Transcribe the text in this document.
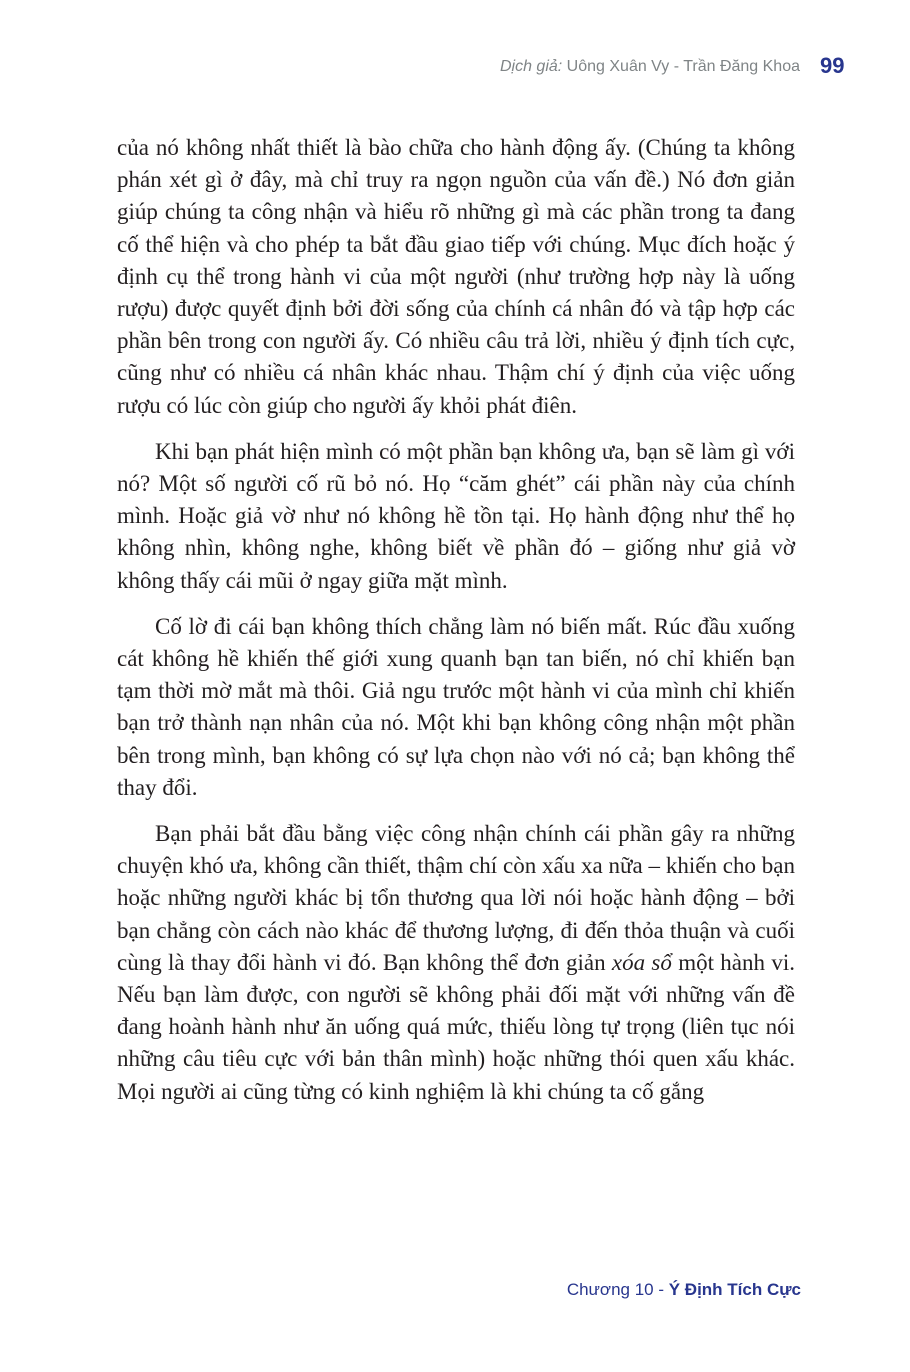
Dịch giả:
Uông Xuân Vy - Trần Đăng Khoa 99

của nó không nhất thiết là bào chữa cho hành động ấy. (Chúng ta không phán xét gì ở đây, mà chỉ truy ra ngọn nguồn của vấn đề.) Nó đơn giản giúp chúng ta công nhận và hiểu rõ những gì mà các phần trong ta đang cố thể hiện và cho phép ta bắt đầu giao tiếp với chúng. Mục đích hoặc ý định cụ thể trong hành vi của một người (như trường hợp này là uống rượu) được quyết định bởi đời sống của chính cá nhân đó và tập hợp các phần bên trong con người ấy. Có nhiều câu trả lời, nhiều ý định tích cực, cũng như có nhiều cá nhân khác nhau. Thậm chí ý định của việc uống rượu có lúc còn giúp cho người ấy khỏi phát điên.

Khi bạn phát hiện mình có một phần bạn không ưa, bạn sẽ làm gì với nó? Một số người cố rũ bỏ nó. Họ “căm ghét” cái phần này của chính mình. Hoặc giả vờ như nó không hề tồn tại. Họ hành động như thể họ không nhìn, không nghe, không biết về phần đó – giống như giả vờ không thấy cái mũi ở ngay giữa mặt mình.

Cố lờ đi cái bạn không thích chẳng làm nó biến mất. Rúc đầu xuống cát không hề khiến thế giới xung quanh bạn tan biến, nó chỉ khiến bạn tạm thời mờ mắt mà thôi. Giả ngu trước một hành vi của mình chỉ khiến bạn trở thành nạn nhân của nó. Một khi bạn không công nhận một phần bên trong mình, bạn không có sự lựa chọn nào với nó cả; bạn không thể thay đổi.

Bạn phải bắt đầu bằng việc công nhận chính cái phần gây ra những chuyện khó ưa, không cần thiết, thậm chí còn xấu xa nữa – khiến cho bạn hoặc những người khác bị tổn thương qua lời nói hoặc hành động – bởi bạn chẳng còn cách nào khác để thương lượng, đi đến thỏa thuận và cuối cùng là thay đổi hành vi đó. Bạn không thể đơn giản xóa sổ một hành vi. Nếu bạn làm được, con người sẽ không phải đối mặt với những vấn đề đang hoành hành như ăn uống quá mức, thiếu lòng tự trọng (liên tục nói những câu tiêu cực với bản thân mình) hoặc những thói quen xấu khác. Mọi người ai cũng từng có kinh nghiệm là khi chúng ta cố gắng

Chương 10 - Ý Định Tích Cực
